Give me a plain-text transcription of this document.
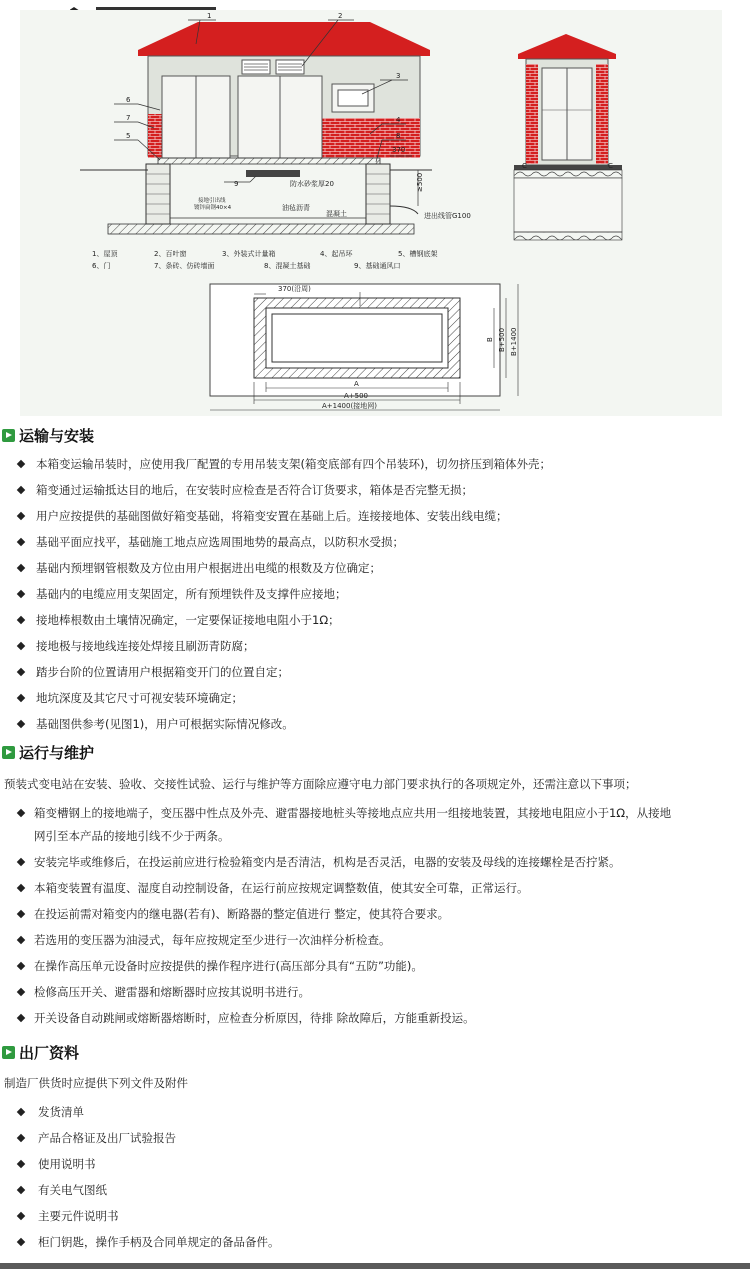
1	2
3
6
7
5
4
8
9
370
≥500
防水砂浆厚20
接地引出线
镀锌扁钢40×4	油毡沥青
混凝土	进出线管G100
1、屋顶	2、百叶窗	3、外装式计量箱	4、起吊环	5、槽钢底架
6、门	7、条砖、仿砖墙面	8、混凝土基础	9、基础通风口
C	C
370(沿周)
A
A+500
A+1400(接地网)
B B+500 B+1400
运输与安装
本箱变运输吊装时，应使用我厂配置的专用吊装支架(箱变底部有四个吊装环)，切勿挤压到箱体外壳；
箱变通过运输抵达目的地后，在安装时应检查是否符合订货要求，箱体是否完整无损；
用户应按提供的基础图做好箱变基础，将箱变安置在基础上后。连接接地体、安装出线电缆；
基础平面应找平，基础施工地点应选周围地势的最高点，以防积水受损；
基础内预埋钢管根数及方位由用户根据进出电缆的根数及方位确定；
基础内的电缆应用支架固定，所有预埋铁件及支撑件应接地；
接地棒根数由土壤情况确定，一定要保证接地电阻小于1Ω；
接地极与接地线连接处焊接且刷沥青防腐；
踏步台阶的位置请用户根据箱变开门的位置自定；
地坑深度及其它尺寸可视安装环境确定；
基础图供参考(见图1)，用户可根据实际情况修改。
运行与维护
预装式变电站在安装、验收、交接性试验、运行与维护等方面除应遵守电力部门要求执行的各项规定外，还需注意以下事项；
箱变槽钢上的接地端子，变压器中性点及外壳、避雷器接地桩头等接地点应共用一组接地装置，其接地电阻应小于1Ω，从接地
网引至本产品的接地引线不少于两条。
安装完毕或维修后，在投运前应进行检验箱变内是否清洁，机构是否灵活，电器的安装及母线的连接螺栓是否拧紧。
本箱变装置有温度、湿度自动控制设备，在运行前应按规定调整数值，使其安全可靠，正常运行。
在投运前需对箱变内的继电器(若有)、断路器的整定值进行 整定，使其符合要求。
若选用的变压器为油浸式，每年应按规定至少进行一次油样分析检查。
在操作高压单元设备时应按提供的操作程序进行(高压部分具有“五防”功能)。
检修高压开关、避雷器和熔断器时应按其说明书进行。
开关设备自动跳闸或熔断器熔断时，应检查分析原因，待排 除故障后，方能重新投运。
出厂资料
制造厂供货时应提供下列文件及附件
发货清单
产品合格证及出厂试验报告
使用说明书
有关电气图纸
主要元件说明书
柜门钥匙，操作手柄及合同单规定的备品备件。
